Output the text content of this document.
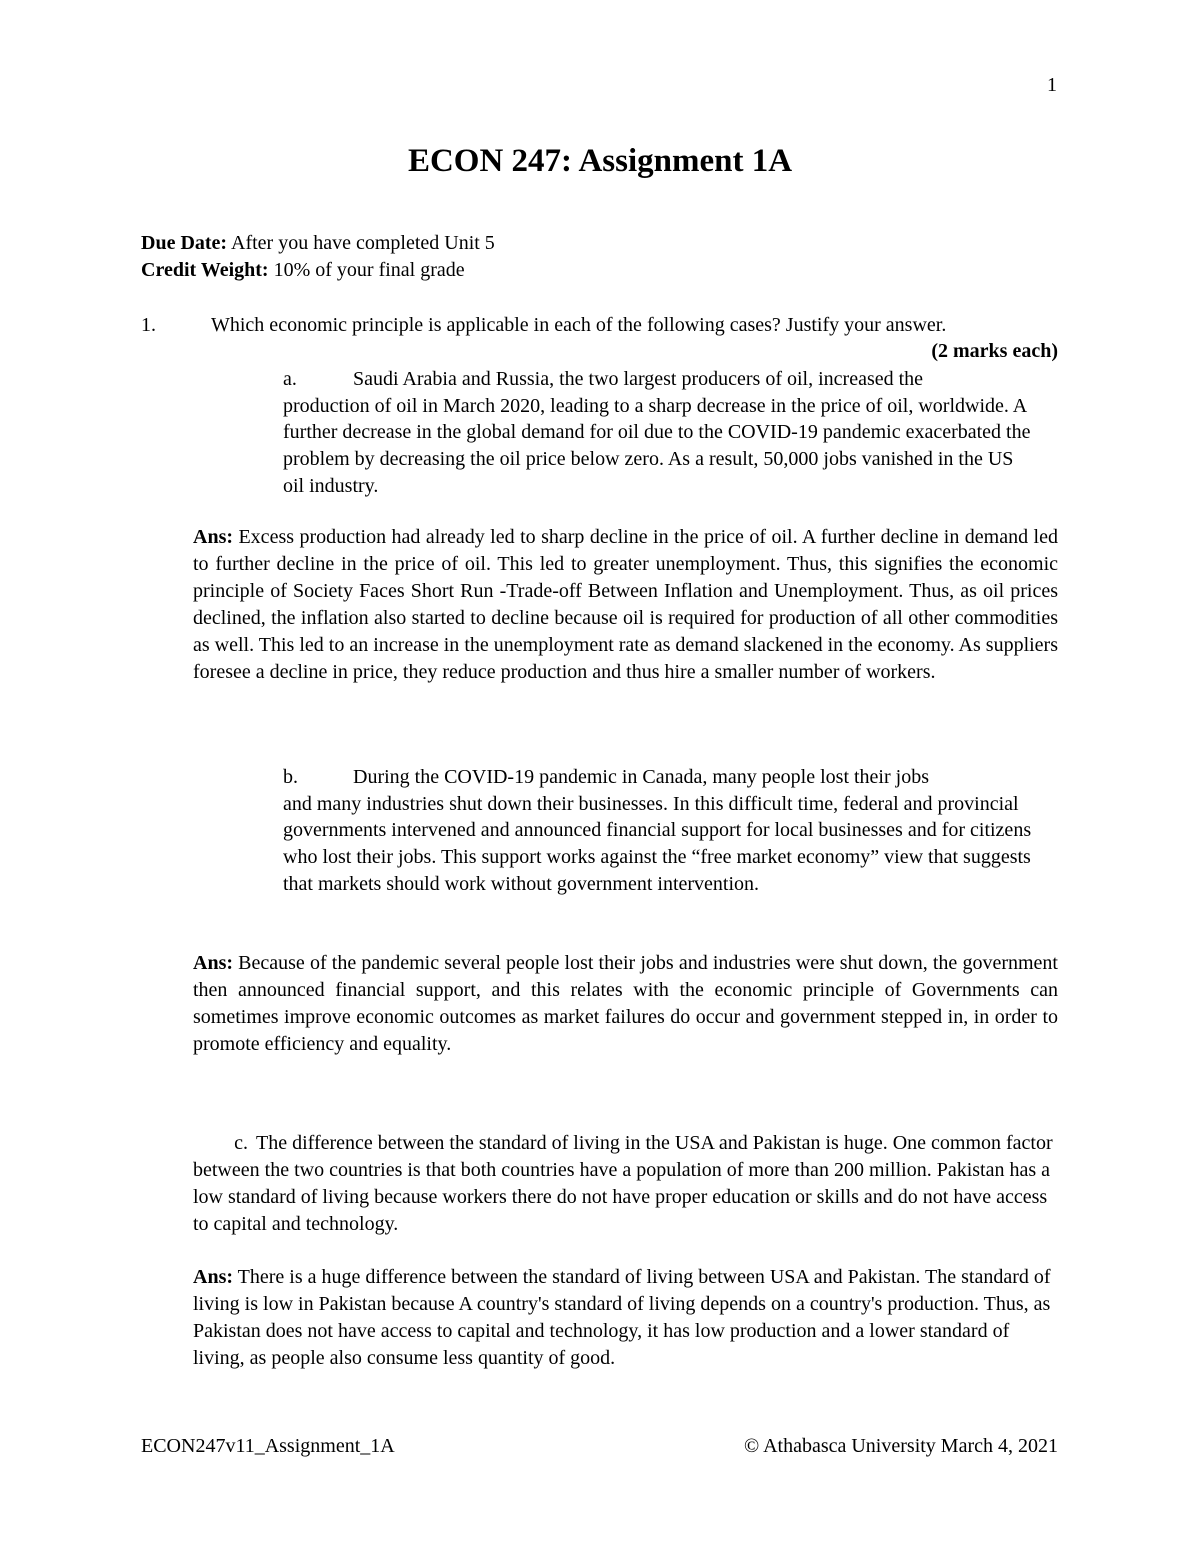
1
ECON 247: Assignment 1A
Due Date: After you have completed Unit 5
Credit Weight: 10% of your final grade
1.	Which economic principle is applicable in each of the following cases? Justify your answer.
(2 marks each)
a.	Saudi Arabia and Russia, the two largest producers of oil, increased the
production of oil in March 2020, leading to a sharp decrease in the price of oil, worldwide. A further decrease in the global demand for oil due to the COVID-19 pandemic exacerbated the problem by decreasing the oil price below zero. As a result, 50,000 jobs vanished in the US oil industry.
Ans: Excess production had already led to sharp decline in the price of oil. A further decline in demand led to further decline in the price of oil. This led to greater unemployment. Thus, this signifies the economic principle of Society Faces Short Run -Trade-off Between Inflation and Unemployment. Thus, as oil prices declined, the inflation also started to decline because oil is required for production of all other commodities as well. This led to an increase in the unemployment rate as demand slackened in the economy. As suppliers foresee a decline in price, they reduce production and thus hire a smaller number of workers.
b.	During the COVID-19 pandemic in Canada, many people lost their jobs
and many industries shut down their businesses. In this difficult time, federal and provincial governments intervened and announced financial support for local businesses and for citizens who lost their jobs. This support works against the “free market economy” view that suggests that markets should work without government intervention.
Ans: Because of the pandemic several people lost their jobs and industries were shut down, the government then announced financial support, and this relates with the economic principle of Governments can sometimes improve economic outcomes as market failures do occur and government stepped in, in order to promote efficiency and equality.
c. The difference between the standard of living in the USA and Pakistan is huge. One common factor between the two countries is that both countries have a population of more than 200 million. Pakistan has a low standard of living because workers there do not have proper education or skills and do not have access to capital and technology.
Ans: There is a huge difference between the standard of living between USA and Pakistan. The standard of living is low in Pakistan because A country's standard of living depends on a country's production. Thus, as Pakistan does not have access to capital and technology, it has low production and a lower standard of living, as people also consume less quantity of good.
ECON247v11_Assignment_1A	© Athabasca University March 4, 2021
